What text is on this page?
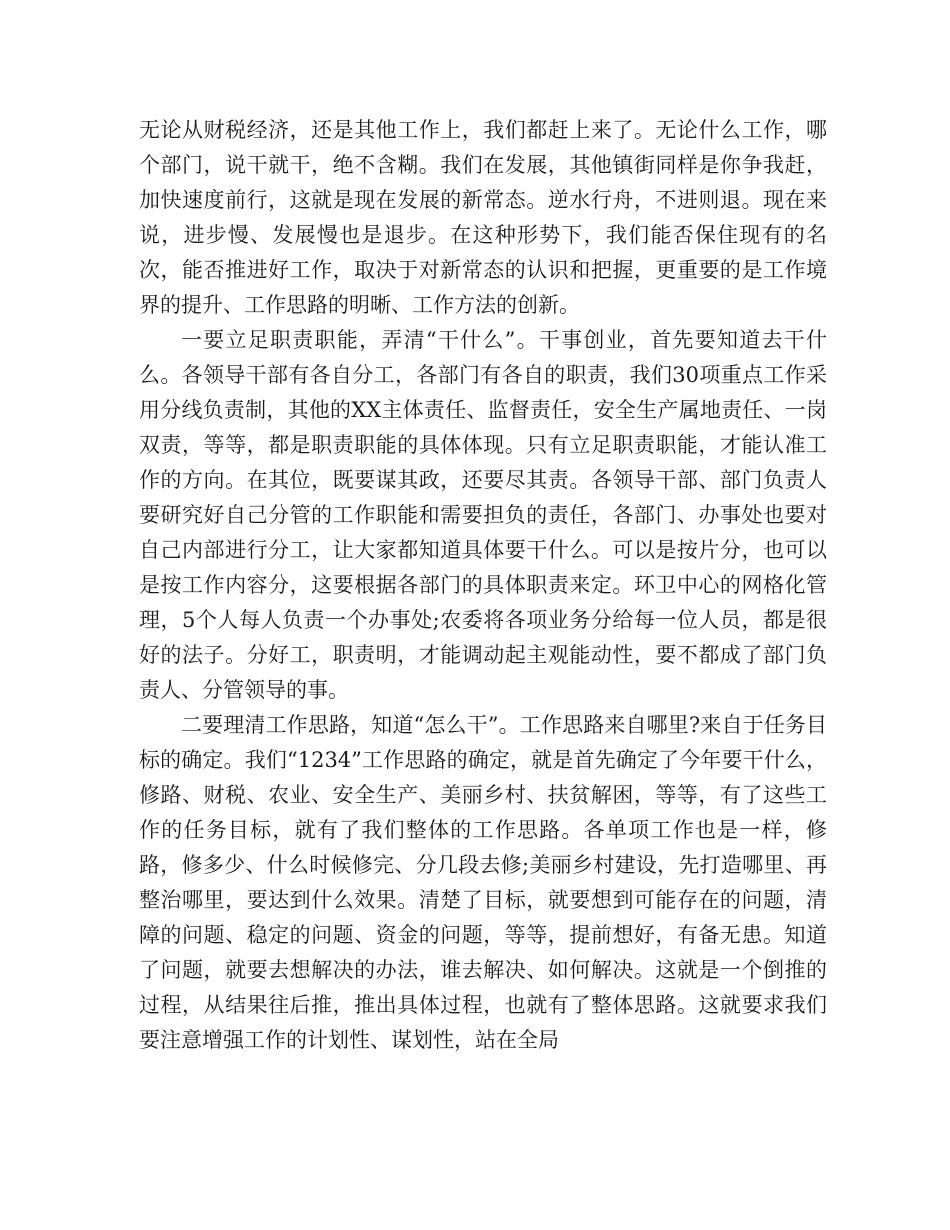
无论从财税经济，还是其他工作上，我们都赶上来了。无论什么工作，哪个部门，说干就干，绝不含糊。我们在发展，其他镇街同样是你争我赶，加快速度前行，这就是现在发展的新常态。逆水行舟，不进则退。现在来说，进步慢、发展慢也是退步。在这种形势下，我们能否保住现有的名次，能否推进好工作，取决于对新常态的认识和把握，更重要的是工作境界的提升、工作思路的明晰、工作方法的创新。

一要立足职责职能，弄清“干什么”。干事创业，首先要知道去干什么。各领导干部有各自分工，各部门有各自的职责，我们30项重点工作采用分线负责制，其他的XX主体责任、监督责任，安全生产属地责任、一岗双责，等等，都是职责职能的具体体现。只有立足职责职能，才能认准工作的方向。在其位，既要谋其政，还要尽其责。各领导干部、部门负责人要研究好自己分管的工作职能和需要担负的责任，各部门、办事处也要对自己内部进行分工，让大家都知道具体要干什么。可以是按片分，也可以是按工作内容分，这要根据各部门的具体职责来定。环卫中心的网格化管理，5个人每人负责一个办事处;农委将各项业务分给每一位人员，都是很好的法子。分好工，职责明，才能调动起主观能动性，要不都成了部门负责人、分管领导的事。

二要理清工作思路，知道“怎么干”。工作思路来自哪里?来自于任务目标的确定。我们“1234”工作思路的确定，就是首先确定了今年要干什么，修路、财税、农业、安全生产、美丽乡村、扶贫解困，等等，有了这些工作的任务目标，就有了我们整体的工作思路。各单项工作也是一样，修路，修多少、什么时候修完、分几段去修;美丽乡村建设，先打造哪里、再整治哪里，要达到什么效果。清楚了目标，就要想到可能存在的问题，清障的问题、稳定的问题、资金的问题，等等，提前想好，有备无患。知道了问题，就要去想解决的办法，谁去解决、如何解决。这就是一个倒推的过程，从结果往后推，推出具体过程，也就有了整体思路。这就要求我们要注意增强工作的计划性、谋划性，站在全局
